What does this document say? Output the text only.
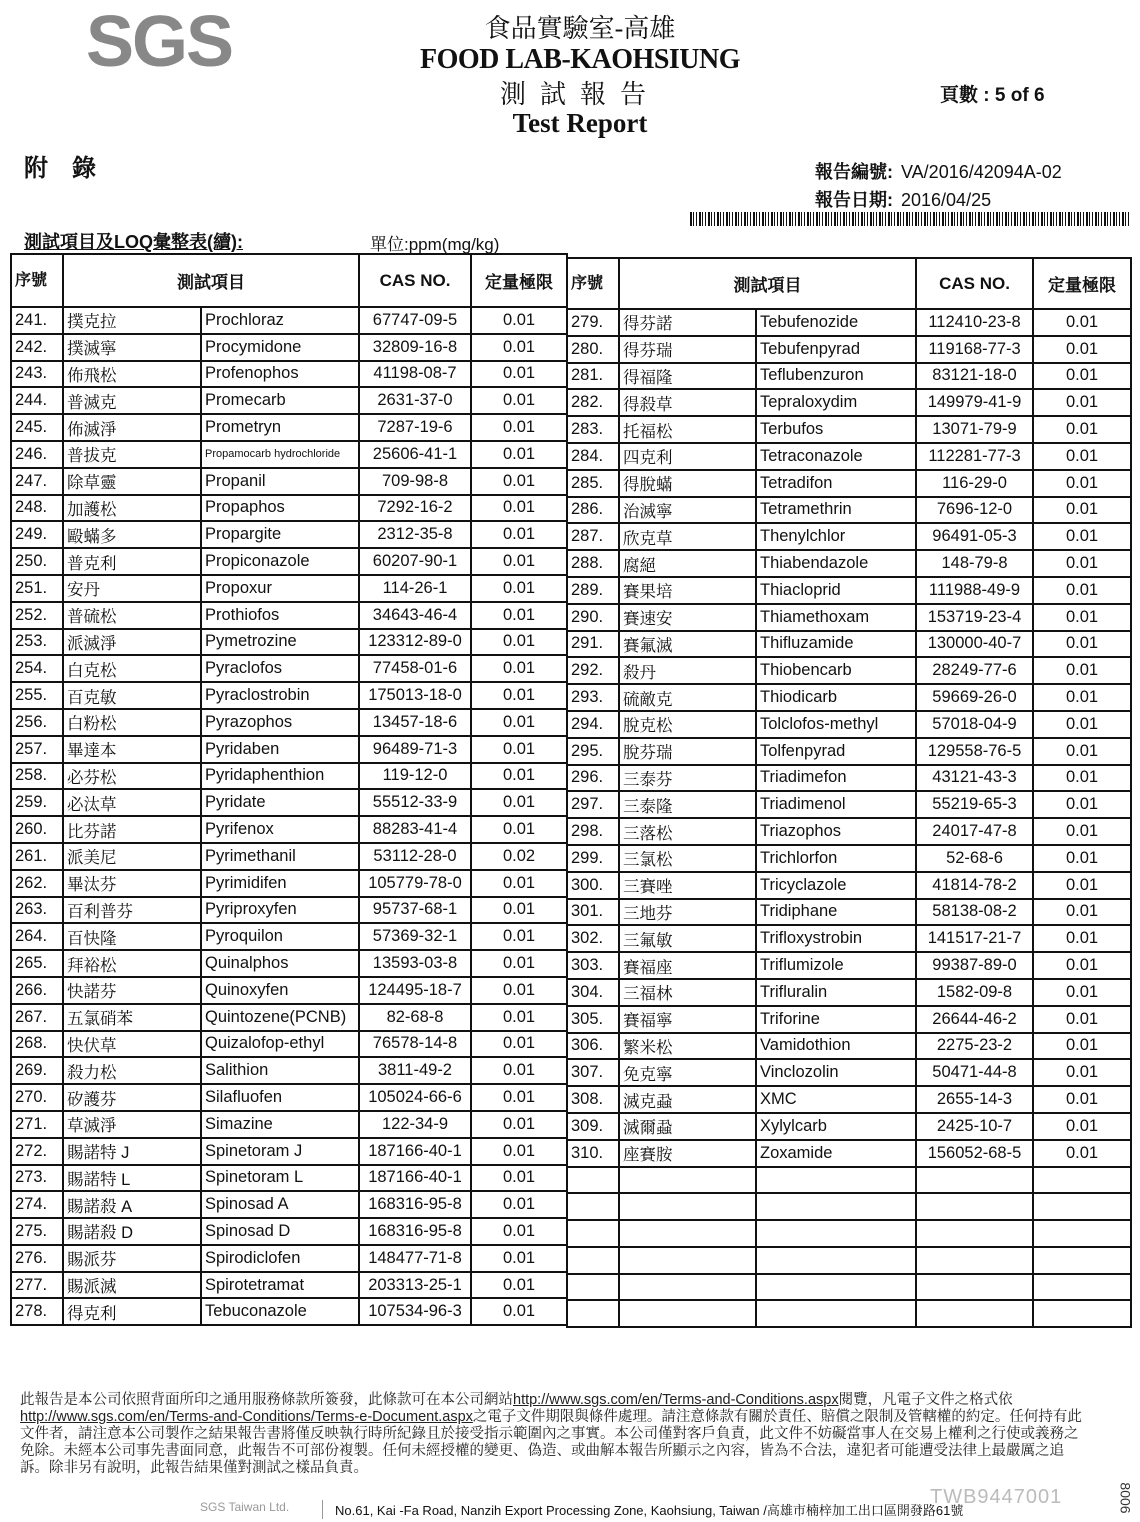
SGS	食品實驗室-高雄
FOOD LAB-KAOHSIUNG
測試報告
Test Report
頁數 : 5 of 6
附錄	報告編號: VA/2016/42094A-02
報告日期: 2016/04/25
測試項目及LOQ彙整表(續):	單位:ppm(mg/kg)
序號	測試項目		CAS NO.	定量極限
241.	撲克拉	Prochloraz	67747-09-5	0.01
242.	撲滅寧	Procymidone	32809-16-8	0.01
243.	佈飛松	Profenophos	41198-08-7	0.01
244.	普滅克	Promecarb	2631-37-0	0.01
245.	佈滅淨	Prometryn	7287-19-6	0.01
246.	普拔克	Propamocarb hydrochloride	25606-41-1	0.01
247.	除草靈	Propanil	709-98-8	0.01
248.	加護松	Propaphos	7292-16-2	0.01
249.	毆蟎多	Propargite	2312-35-8	0.01
250.	普克利	Propiconazole	60207-90-1	0.01
251.	安丹	Propoxur	114-26-1	0.01
252.	普硫松	Prothiofos	34643-46-4	0.01
253.	派滅淨	Pymetrozine	123312-89-0	0.01
254.	白克松	Pyraclofos	77458-01-6	0.01
255.	百克敏	Pyraclostrobin	175013-18-0	0.01
256.	白粉松	Pyrazophos	13457-18-6	0.01
257.	畢達本	Pyridaben	96489-71-3	0.01
258.	必芬松	Pyridaphenthion	119-12-0	0.01
259.	必汰草	Pyridate	55512-33-9	0.01
260.	比芬諾	Pyrifenox	88283-41-4	0.01
261.	派美尼	Pyrimethanil	53112-28-0	0.02
262.	畢汰芬	Pyrimidifen	105779-78-0	0.01
263.	百利普芬	Pyriproxyfen	95737-68-1	0.01
264.	百快隆	Pyroquilon	57369-32-1	0.01
265.	拜裕松	Quinalphos	13593-03-8	0.01
266.	快諾芬	Quinoxyfen	124495-18-7	0.01
267.	五氯硝苯	Quintozene(PCNB)	82-68-8	0.01
268.	快伏草	Quizalofop-ethyl	76578-14-8	0.01
269.	殺力松	Salithion	3811-49-2	0.01
270.	矽護芬	Silafluofen	105024-66-6	0.01
271.	草滅淨	Simazine	122-34-9	0.01
272.	賜諾特 J	Spinetoram J	187166-40-1	0.01
273.	賜諾特 L	Spinetoram L	187166-40-1	0.01
274.	賜諾殺 A	Spinosad A	168316-95-8	0.01
275.	賜諾殺 D	Spinosad D	168316-95-8	0.01
276.	賜派芬	Spirodiclofen	148477-71-8	0.01
277.	賜派滅	Spirotetramat	203313-25-1	0.01
278.	得克利	Tebuconazole	107534-96-3	0.01
序號	測試項目		CAS NO.	定量極限
279.	得芬諾	Tebufenozide	112410-23-8	0.01
280.	得芬瑞	Tebufenpyrad	119168-77-3	0.01
281.	得福隆	Teflubenzuron	83121-18-0	0.01
282.	得殺草	Tepraloxydim	149979-41-9	0.01
283.	托福松	Terbufos	13071-79-9	0.01
284.	四克利	Tetraconazole	112281-77-3	0.01
285.	得脫蟎	Tetradifon	116-29-0	0.01
286.	治滅寧	Tetramethrin	7696-12-0	0.01
287.	欣克草	Thenylchlor	96491-05-3	0.01
288.	腐絕	Thiabendazole	148-79-8	0.01
289.	賽果培	Thiacloprid	111988-49-9	0.01
290.	賽速安	Thiamethoxam	153719-23-4	0.01
291.	賽氟滅	Thifluzamide	130000-40-7	0.01
292.	殺丹	Thiobencarb	28249-77-6	0.01
293.	硫敵克	Thiodicarb	59669-26-0	0.01
294.	脫克松	Tolclofos-methyl	57018-04-9	0.01
295.	脫芬瑞	Tolfenpyrad	129558-76-5	0.01
296.	三泰芬	Triadimefon	43121-43-3	0.01
297.	三泰隆	Triadimenol	55219-65-3	0.01
298.	三落松	Triazophos	24017-47-8	0.01
299.	三氯松	Trichlorfon	52-68-6	0.01
300.	三賽唑	Tricyclazole	41814-78-2	0.01
301.	三地芬	Tridiphane	58138-08-2	0.01
302.	三氟敏	Trifloxystrobin	141517-21-7	0.01
303.	賽福座	Triflumizole	99387-89-0	0.01
304.	三福林	Trifluralin	1582-09-8	0.01
305.	賽福寧	Triforine	26644-46-2	0.01
306.	繁米松	Vamidothion	2275-23-2	0.01
307.	免克寧	Vinclozolin	50471-44-8	0.01
308.	滅克蝨	XMC	2655-14-3	0.01
309.	滅爾蝨	Xylylcarb	2425-10-7	0.01
310.	座賽胺	Zoxamide	156052-68-5	0.01

此報告是本公司依照背面所印之通用服務條款所簽發，此條款可在本公司網站http://www.sgs.com/en/Terms-and-Conditions.aspx閱覽，凡電子文件之格式依http://www.sgs.com/en/Terms-and-Conditions/Terms-e-Document.aspx之電子文件期限與條件處理。請注意條款有關於責任、賠償之限制及管轄權的約定。任何持有此文件者，請注意本公司製作之結果報告書將僅反映執行時所紀錄且於接受指示範圍內之事實。本公司僅對客戶負責，此文件不妨礙當事人在交易上權利之行使或義務之免除。未經本公司事先書面同意，此報告不可部份複製。任何未經授權的變更、偽造、或曲解本報告所顯示之內容，皆為不合法，違犯者可能遭受法律上最嚴厲之追訴。除非另有說明，此報告結果僅對測試之樣品負責。
TWB9447001	8006
SGS Taiwan Ltd.	No.61, Kai -Fa Road, Nanzih Export Processing Zone, Kaohsiung, Taiwan /高雄市楠梓加工出口區開發路61號
